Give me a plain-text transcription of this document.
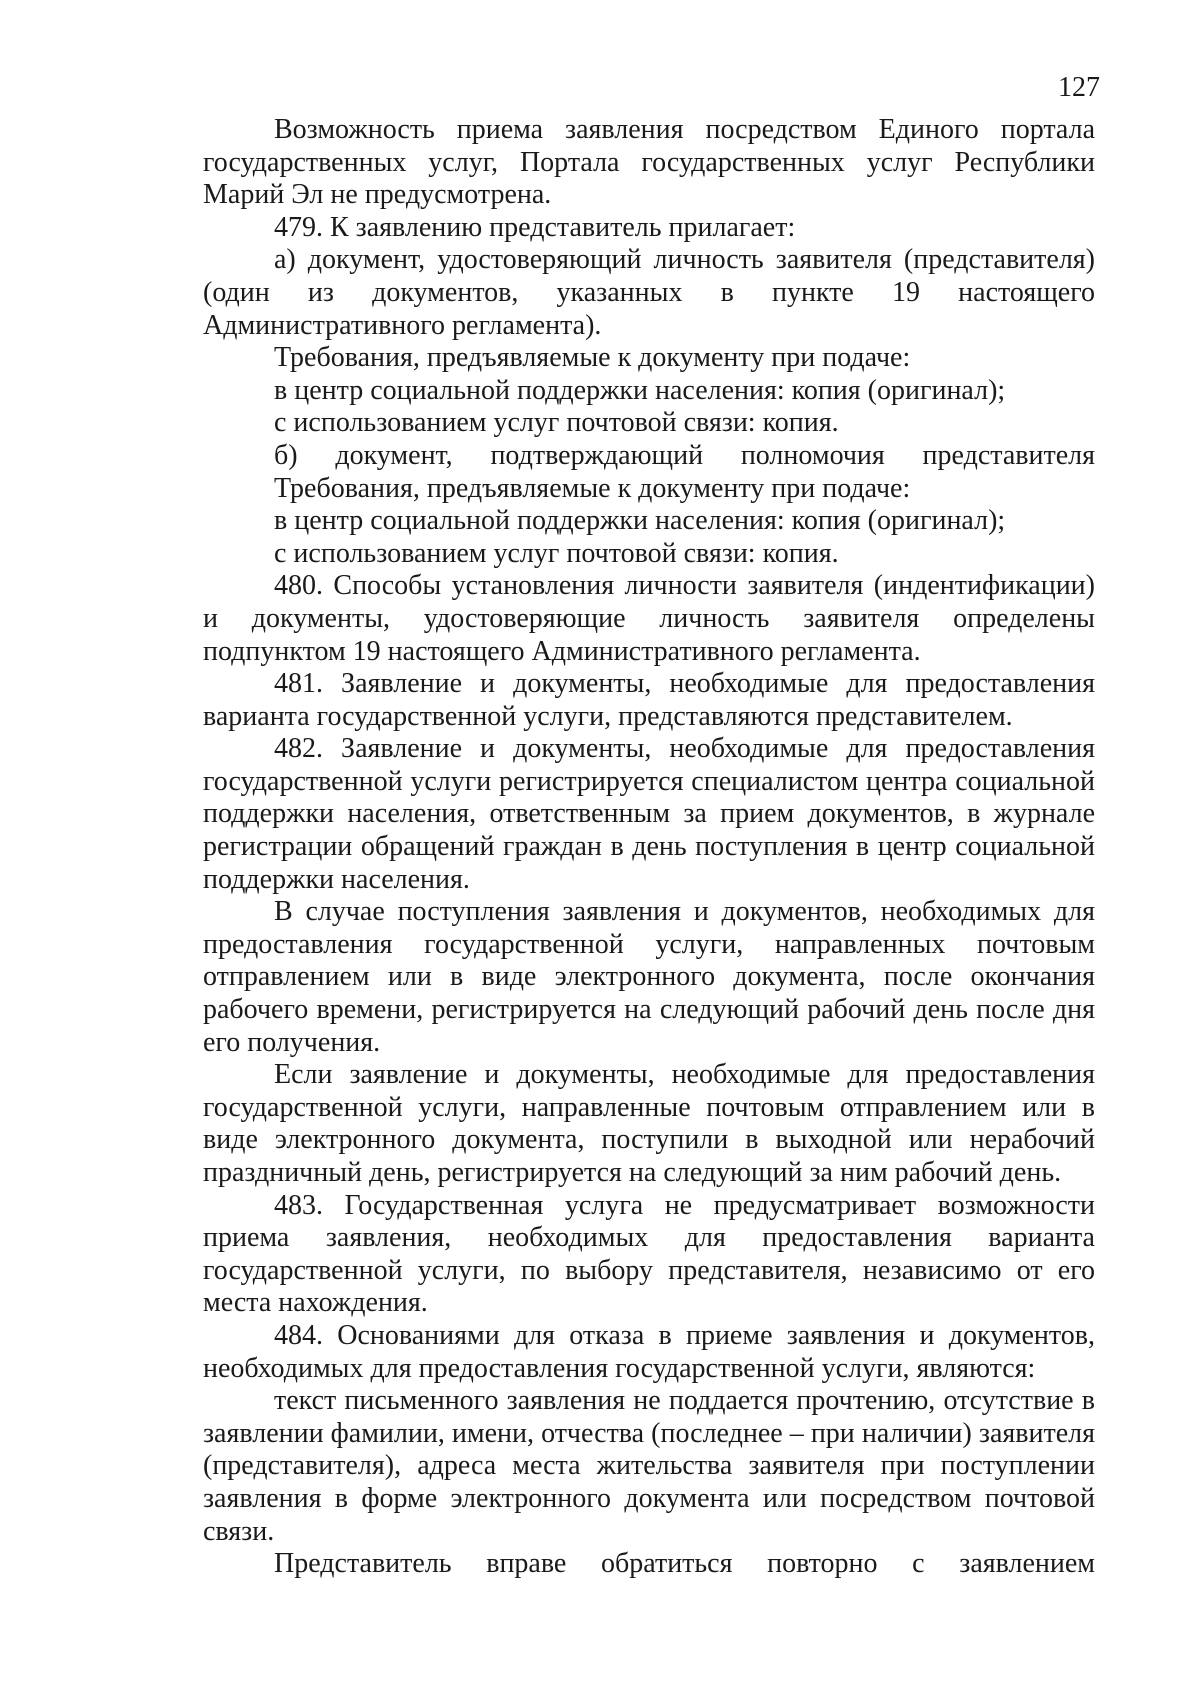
127

Возможность приема заявления посредством Единого портала государственных услуг, Портала государственных услуг Республики Марий Эл не предусмотрена.

479. К заявлению представитель прилагает:

а) документ, удостоверяющий личность заявителя (представителя) (один из документов, указанных в пункте 19 настоящего Административного регламента).

Требования, предъявляемые к документу при подаче:

в центр социальной поддержки населения: копия (оригинал);

с использованием услуг почтовой связи: копия.

б) документ, подтверждающий полномочия представителя

Требования, предъявляемые к документу при подаче:

в центр социальной поддержки населения: копия (оригинал);

с использованием услуг почтовой связи: копия.

480. Способы установления личности заявителя (индентификации) и документы, удостоверяющие личность заявителя определены подпунктом 19 настоящего Административного регламента.

481. Заявление и документы, необходимые для предоставления варианта государственной услуги, представляются представителем.

482. Заявление и документы, необходимые для предоставления государственной услуги регистрируется специалистом центра социальной поддержки населения, ответственным за прием документов, в журнале регистрации обращений граждан в день поступления в центр социальной поддержки населения.

В случае поступления заявления и документов, необходимых для предоставления государственной услуги, направленных почтовым отправлением или в виде электронного документа, после окончания рабочего времени, регистрируется на следующий рабочий день после дня его получения.

Если заявление и документы, необходимые для предоставления государственной услуги, направленные почтовым отправлением или в виде электронного документа, поступили в выходной или нерабочий праздничный день, регистрируется на следующий за ним рабочий день.

483. Государственная услуга не предусматривает возможности приема заявления, необходимых для предоставления варианта государственной услуги, по выбору представителя, независимо от его места нахождения.

484. Основаниями для отказа в приеме заявления и документов, необходимых для предоставления государственной услуги, являются:

текст письменного заявления не поддается прочтению, отсутствие в заявлении фамилии, имени, отчества (последнее – при наличии) заявителя (представителя), адреса места жительства заявителя при поступлении заявления в форме электронного документа или посредством почтовой связи.

Представитель вправе обратиться повторно с заявлением
